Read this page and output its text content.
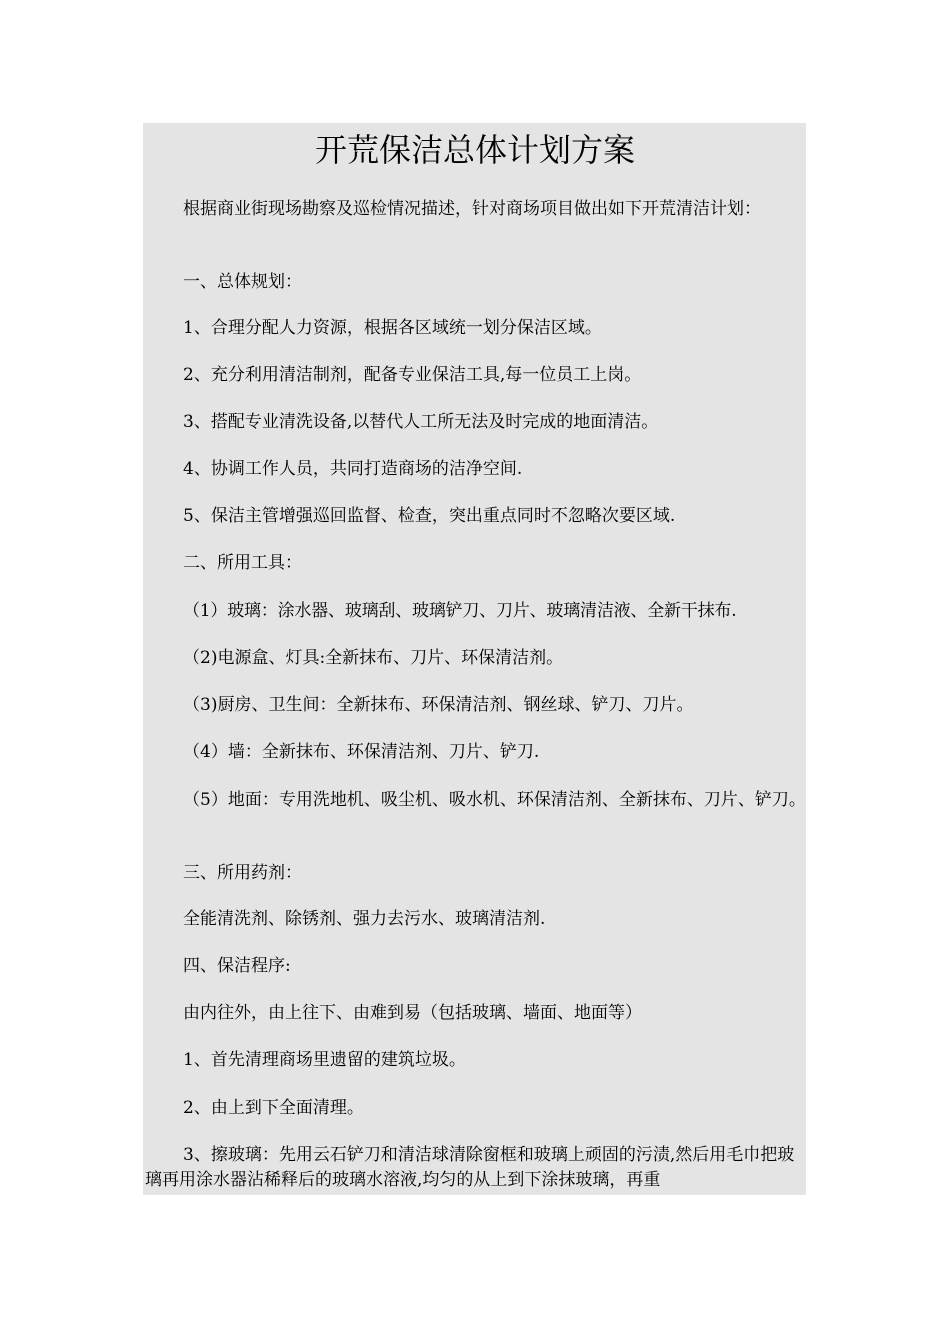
开荒保洁总体计划方案

根据商业街现场勘察及巡检情况描述，针对商场项目做出如下开荒清洁计划：

一、总体规划：

1、合理分配人力资源，根据各区域统一划分保洁区域。

2、充分利用清洁制剂，配备专业保洁工具,每一位员工上岗。

3、搭配专业清洗设备,以替代人工所无法及时完成的地面清洁。

4、协调工作人员，共同打造商场的洁净空间.

5、保洁主管增强巡回监督、检查，突出重点同时不忽略次要区域.

二、所用工具：

（1）玻璃：涂水器、玻璃刮、玻璃铲刀、刀片、玻璃清洁液、全新干抹布.

（2)电源盒、灯具:全新抹布、刀片、环保清洁剂。

（3)厨房、卫生间：全新抹布、环保清洁剂、钢丝球、铲刀、刀片。

（4）墙：全新抹布、环保清洁剂、刀片、铲刀.

（5）地面：专用洗地机、吸尘机、吸水机、环保清洁剂、全新抹布、刀片、铲刀。

三、所用药剂：

全能清洗剂、除锈剂、强力去污水、玻璃清洁剂.

四、保洁程序:

由内往外，由上往下、由难到易（包括玻璃、墙面、地面等）

1、首先清理商场里遗留的建筑垃圾。

2、由上到下全面清理。

3、擦玻璃：先用云石铲刀和清洁球清除窗框和玻璃上顽固的污渍,然后用毛巾把玻璃再用涂水器沾稀释后的玻璃水溶液,均匀的从上到下涂抹玻璃，再重
